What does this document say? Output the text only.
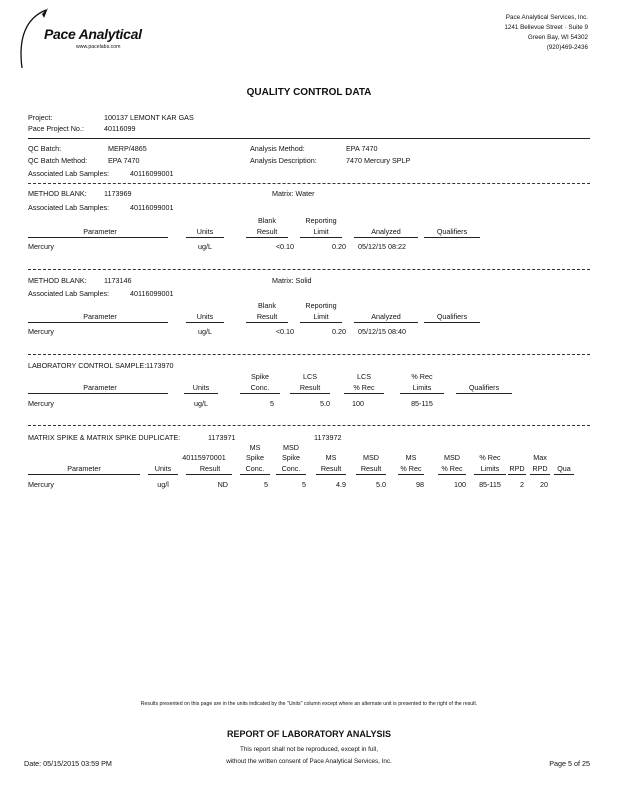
Pace Analytical
www.pacelabs.com
Pace Analytical Services, Inc.
1241 Bellevue Street · Suite 9
Green Bay, WI 54302
(920)469-2436
QUALITY CONTROL DATA
Project:	100137 LEMONT KAR GAS
Pace Project No.:	40116099
QC Batch:	MERP/4865	Analysis Method:	EPA 7470
QC Batch Method:	EPA 7470	Analysis Description:	7470 Mercury SPLP
Associated Lab Samples:	40116099001
METHOD BLANK: 1173969	Matrix: Water
Associated Lab Samples:	40116099001
Blank	Reporting
Parameter	Units	Result	Limit	Analyzed	Qualifiers
Mercury	ug/L	<0.10	0.20 05/12/15 08:22
METHOD BLANK: 1173146	Matrix: Solid
Associated Lab Samples:	40116099001
Blank	Reporting
Parameter	Units	Result	Limit	Analyzed	Qualifiers
Mercury	ug/L	<0.10	0.20 05/12/15 08:40
LABORATORY CONTROL SAMPLE: 1173970
Spike	LCS	LCS	% Rec
Parameter	Units	Conc.	Result	% Rec	Limits	Qualifiers
Mercury	ug/L	5	5.0	100	85-115
MATRIX SPIKE & MATRIX SPIKE DUPLICATE:	1173971	1173972
MS	MSD
40115970001	Spike	Spike	MS	MSD	MS	MSD	% Rec	Max
Parameter	Units	Result	Conc.	Conc.	Result	Result	% Rec	% Rec	Limits	RPD	RPD	Qua
Mercury	ug/l	ND	5	5	4.9	5.0	98	100	85-115	2	20
Results presented on this page are in the units indicated by the "Units" column except where an alternate unit is presented to the right of the result.
REPORT OF LABORATORY ANALYSIS
This report shall not be reproduced, except in full,
without the written consent of Pace Analytical Services, Inc.
Date: 05/15/2015 03:59 PM	Page 5 of 25
